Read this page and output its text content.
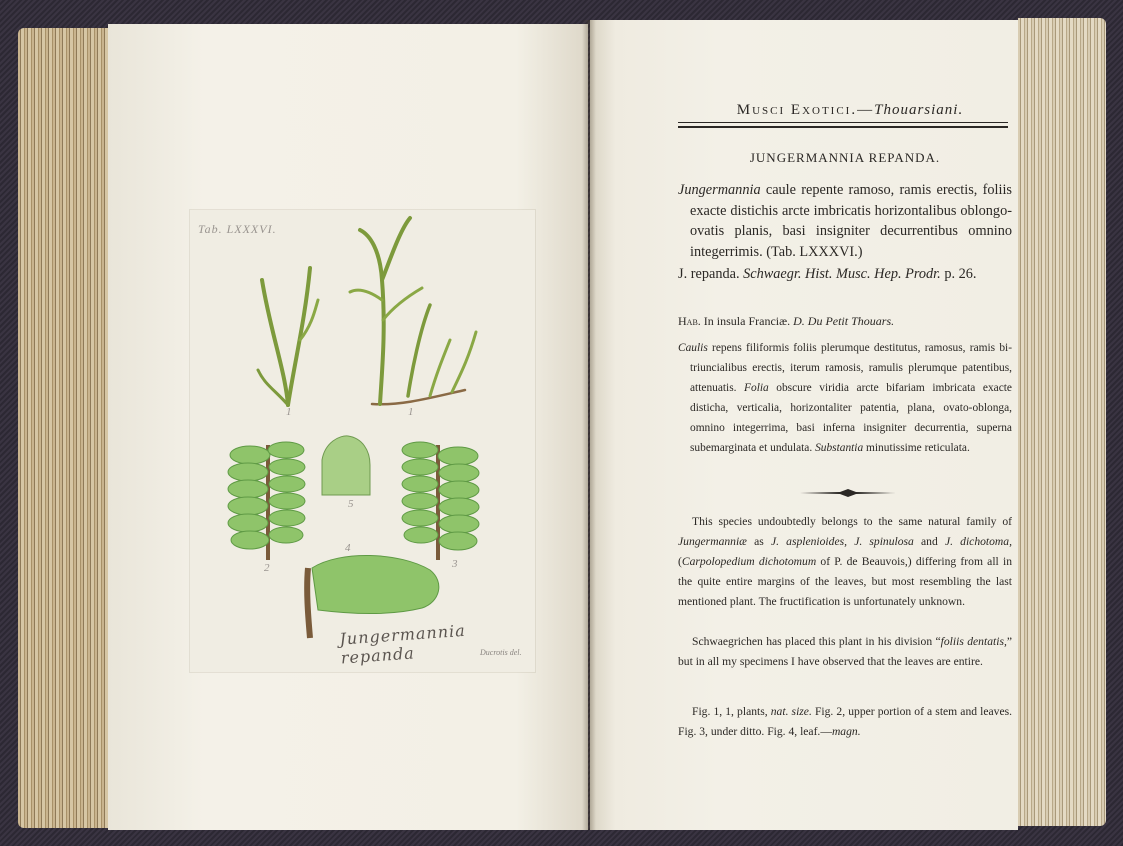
Tab. LXXXVI.
1	1
2	3
4
5
Jungermannia repanda	Ducrotis del.
Musci Exotici.—Thouarsiani.
JUNGERMANNIA REPANDA.
Jungermannia caule repente ramoso, ramis erectis, foliis exacte distichis arcte imbricatis horizontalibus oblongo-ovatis planis, basi insigniter decurrentibus omnino integerrimis. (Tab. LXXXVI.)
J. repanda. Schwaegr. Hist. Musc. Hep. Prodr. p. 26.
Hab. In insula Franciæ. D. Du Petit Thouars.
Caulis repens filiformis foliis plerumque destitutus, ramosus, ramis bi-triuncialibus erectis, iterum ramosis, ramulis plerumque patentibus, attenuatis. Folia obscure viridia arcte bifariam imbricata exacte disticha, verticalia, horizontaliter patentia, plana, ovato-oblonga, omnino integerrima, basi inferna insigniter decurrentia, superna subemarginata et undulata. Substantia minutissime reticulata.
This species undoubtedly belongs to the same natural family of Jungermanniæ as J. asplenioides, J. spinulosa and J. dichotoma, (Carpolopedium dichotomum of P. de Beauvois,) differing from all in the quite entire margins of the leaves, but most resembling the last mentioned plant. The fructification is unfortunately unknown.
Schwaegrichen has placed this plant in his division “foliis dentatis,” but in all my specimens I have observed that the leaves are entire.
Fig. 1, 1, plants, nat. size. Fig. 2, upper portion of a stem and leaves. Fig. 3, under ditto. Fig. 4, leaf.—magn.
